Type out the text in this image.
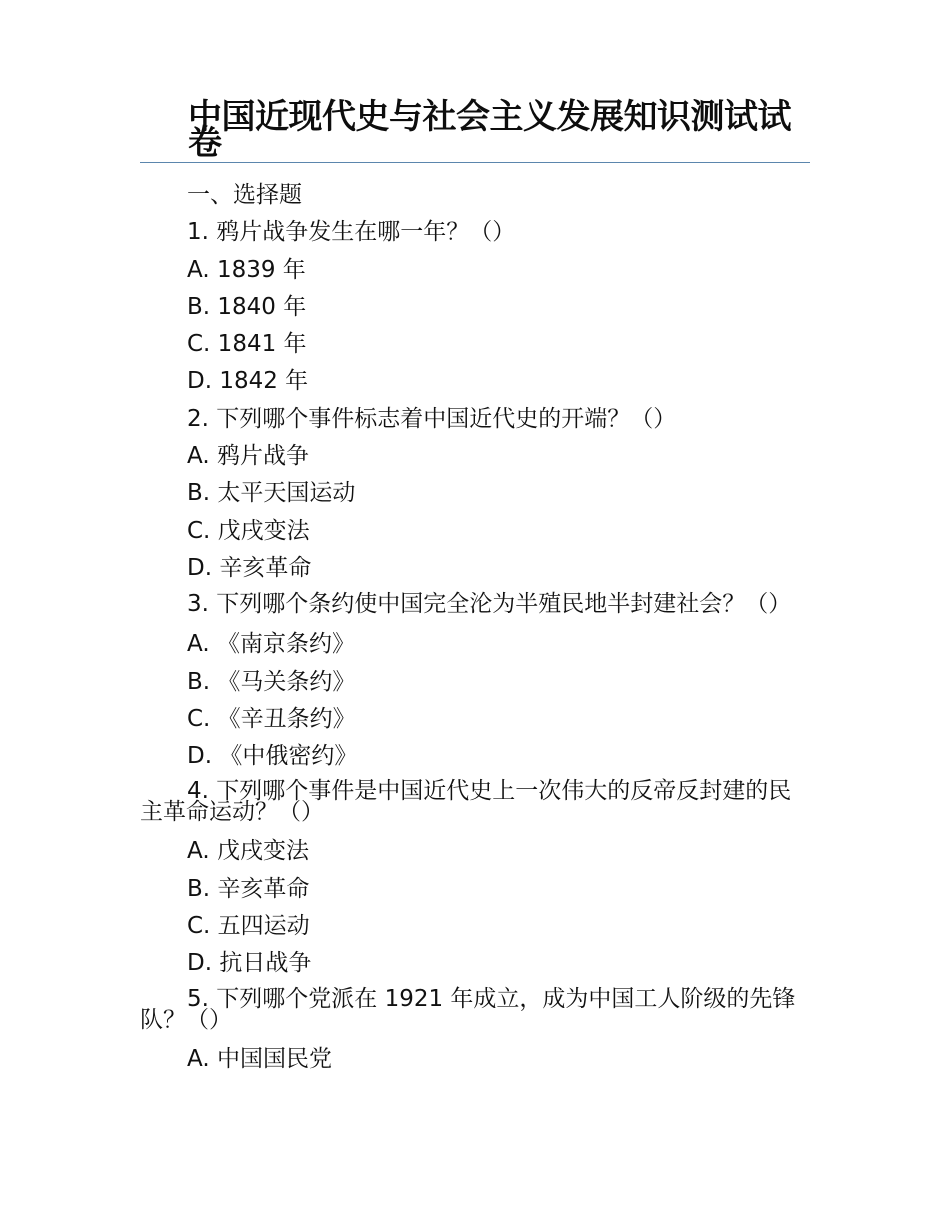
中国近现代史与社会主义发展知识测试试卷
一、选择题
1. 鸦片战争发生在哪一年？（）
A. 1839 年
B. 1840 年
C. 1841 年
D. 1842 年
2. 下列哪个事件标志着中国近代史的开端？（）
A. 鸦片战争
B. 太平天国运动
C. 戊戌变法
D. 辛亥革命
3. 下列哪个条约使中国完全沦为半殖民地半封建社会？（）
A. 《南京条约》
B. 《马关条约》
C. 《辛丑条约》
D. 《中俄密约》
4. 下列哪个事件是中国近代史上一次伟大的反帝反封建的民主革命运动？（）
A. 戊戌变法
B. 辛亥革命
C. 五四运动
D. 抗日战争
5. 下列哪个党派在 1921 年成立，成为中国工人阶级的先锋队？（）
A. 中国国民党
